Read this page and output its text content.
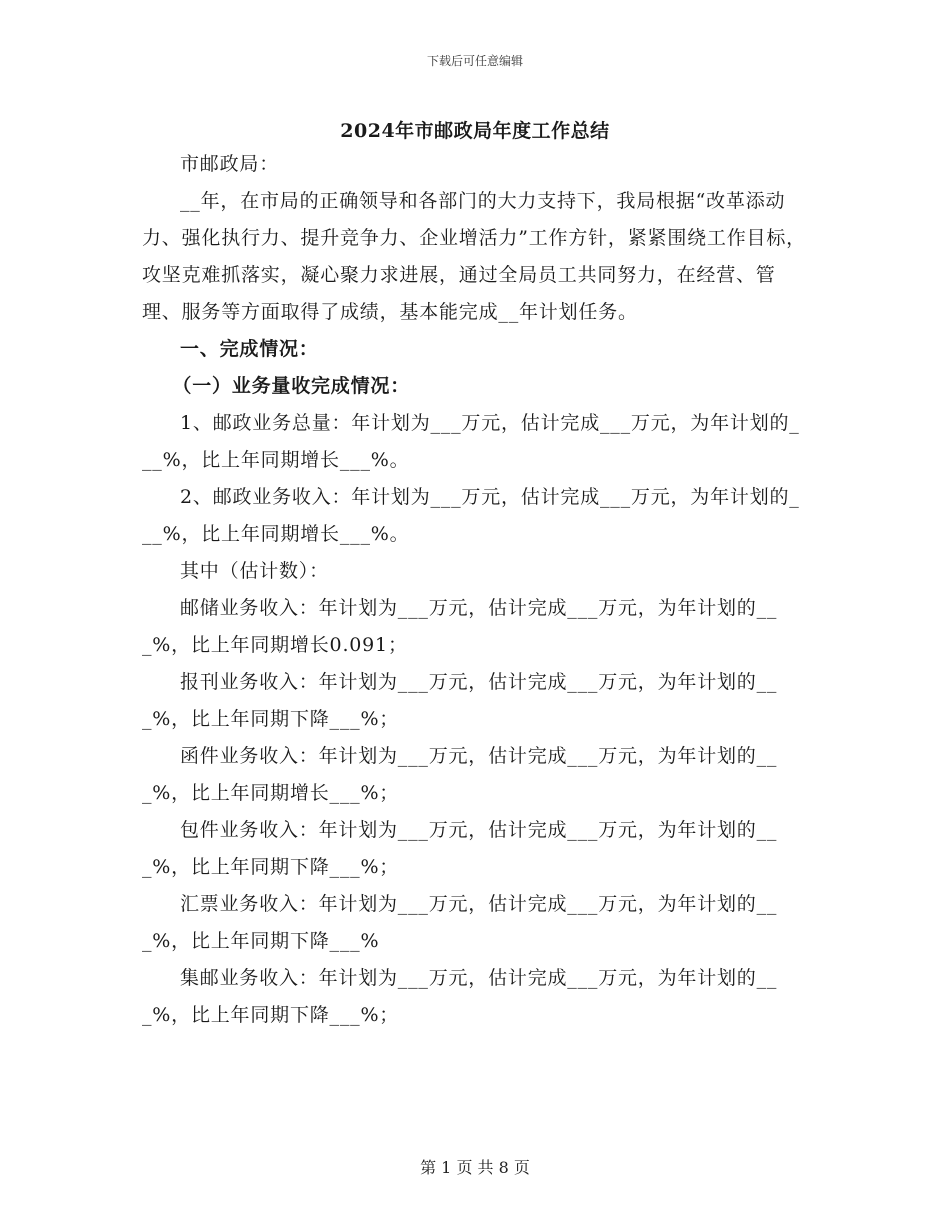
下载后可任意编辑
2024年市邮政局年度工作总结

市邮政局：

__年，在市局的正确领导和各部门的大力支持下，我局根据“改革添动力、强化执行力、提升竞争力、企业增活力”工作方针，紧紧围绕工作目标，攻坚克难抓落实，凝心聚力求进展，通过全局员工共同努力，在经营、管理、服务等方面取得了成绩，基本能完成__年计划任务。

一、完成情况：

（一）业务量收完成情况：

1、邮政业务总量：年计划为___万元，估计完成___万元，为年计划的___%，比上年同期增长___%。

2、邮政业务收入：年计划为___万元，估计完成___万元，为年计划的___%，比上年同期增长___%。

其中（估计数）：

邮储业务收入：年计划为___万元，估计完成___万元，为年计划的___%，比上年同期增长0.091；

报刊业务收入：年计划为___万元，估计完成___万元，为年计划的___%，比上年同期下降___%；

函件业务收入：年计划为___万元，估计完成___万元，为年计划的___%，比上年同期增长___%；

包件业务收入：年计划为___万元，估计完成___万元，为年计划的___%，比上年同期下降___%；

汇票业务收入：年计划为___万元，估计完成___万元，为年计划的___%，比上年同期下降___%

集邮业务收入：年计划为___万元，估计完成___万元，为年计划的___%，比上年同期下降___%；

第 1 页 共 8 页
